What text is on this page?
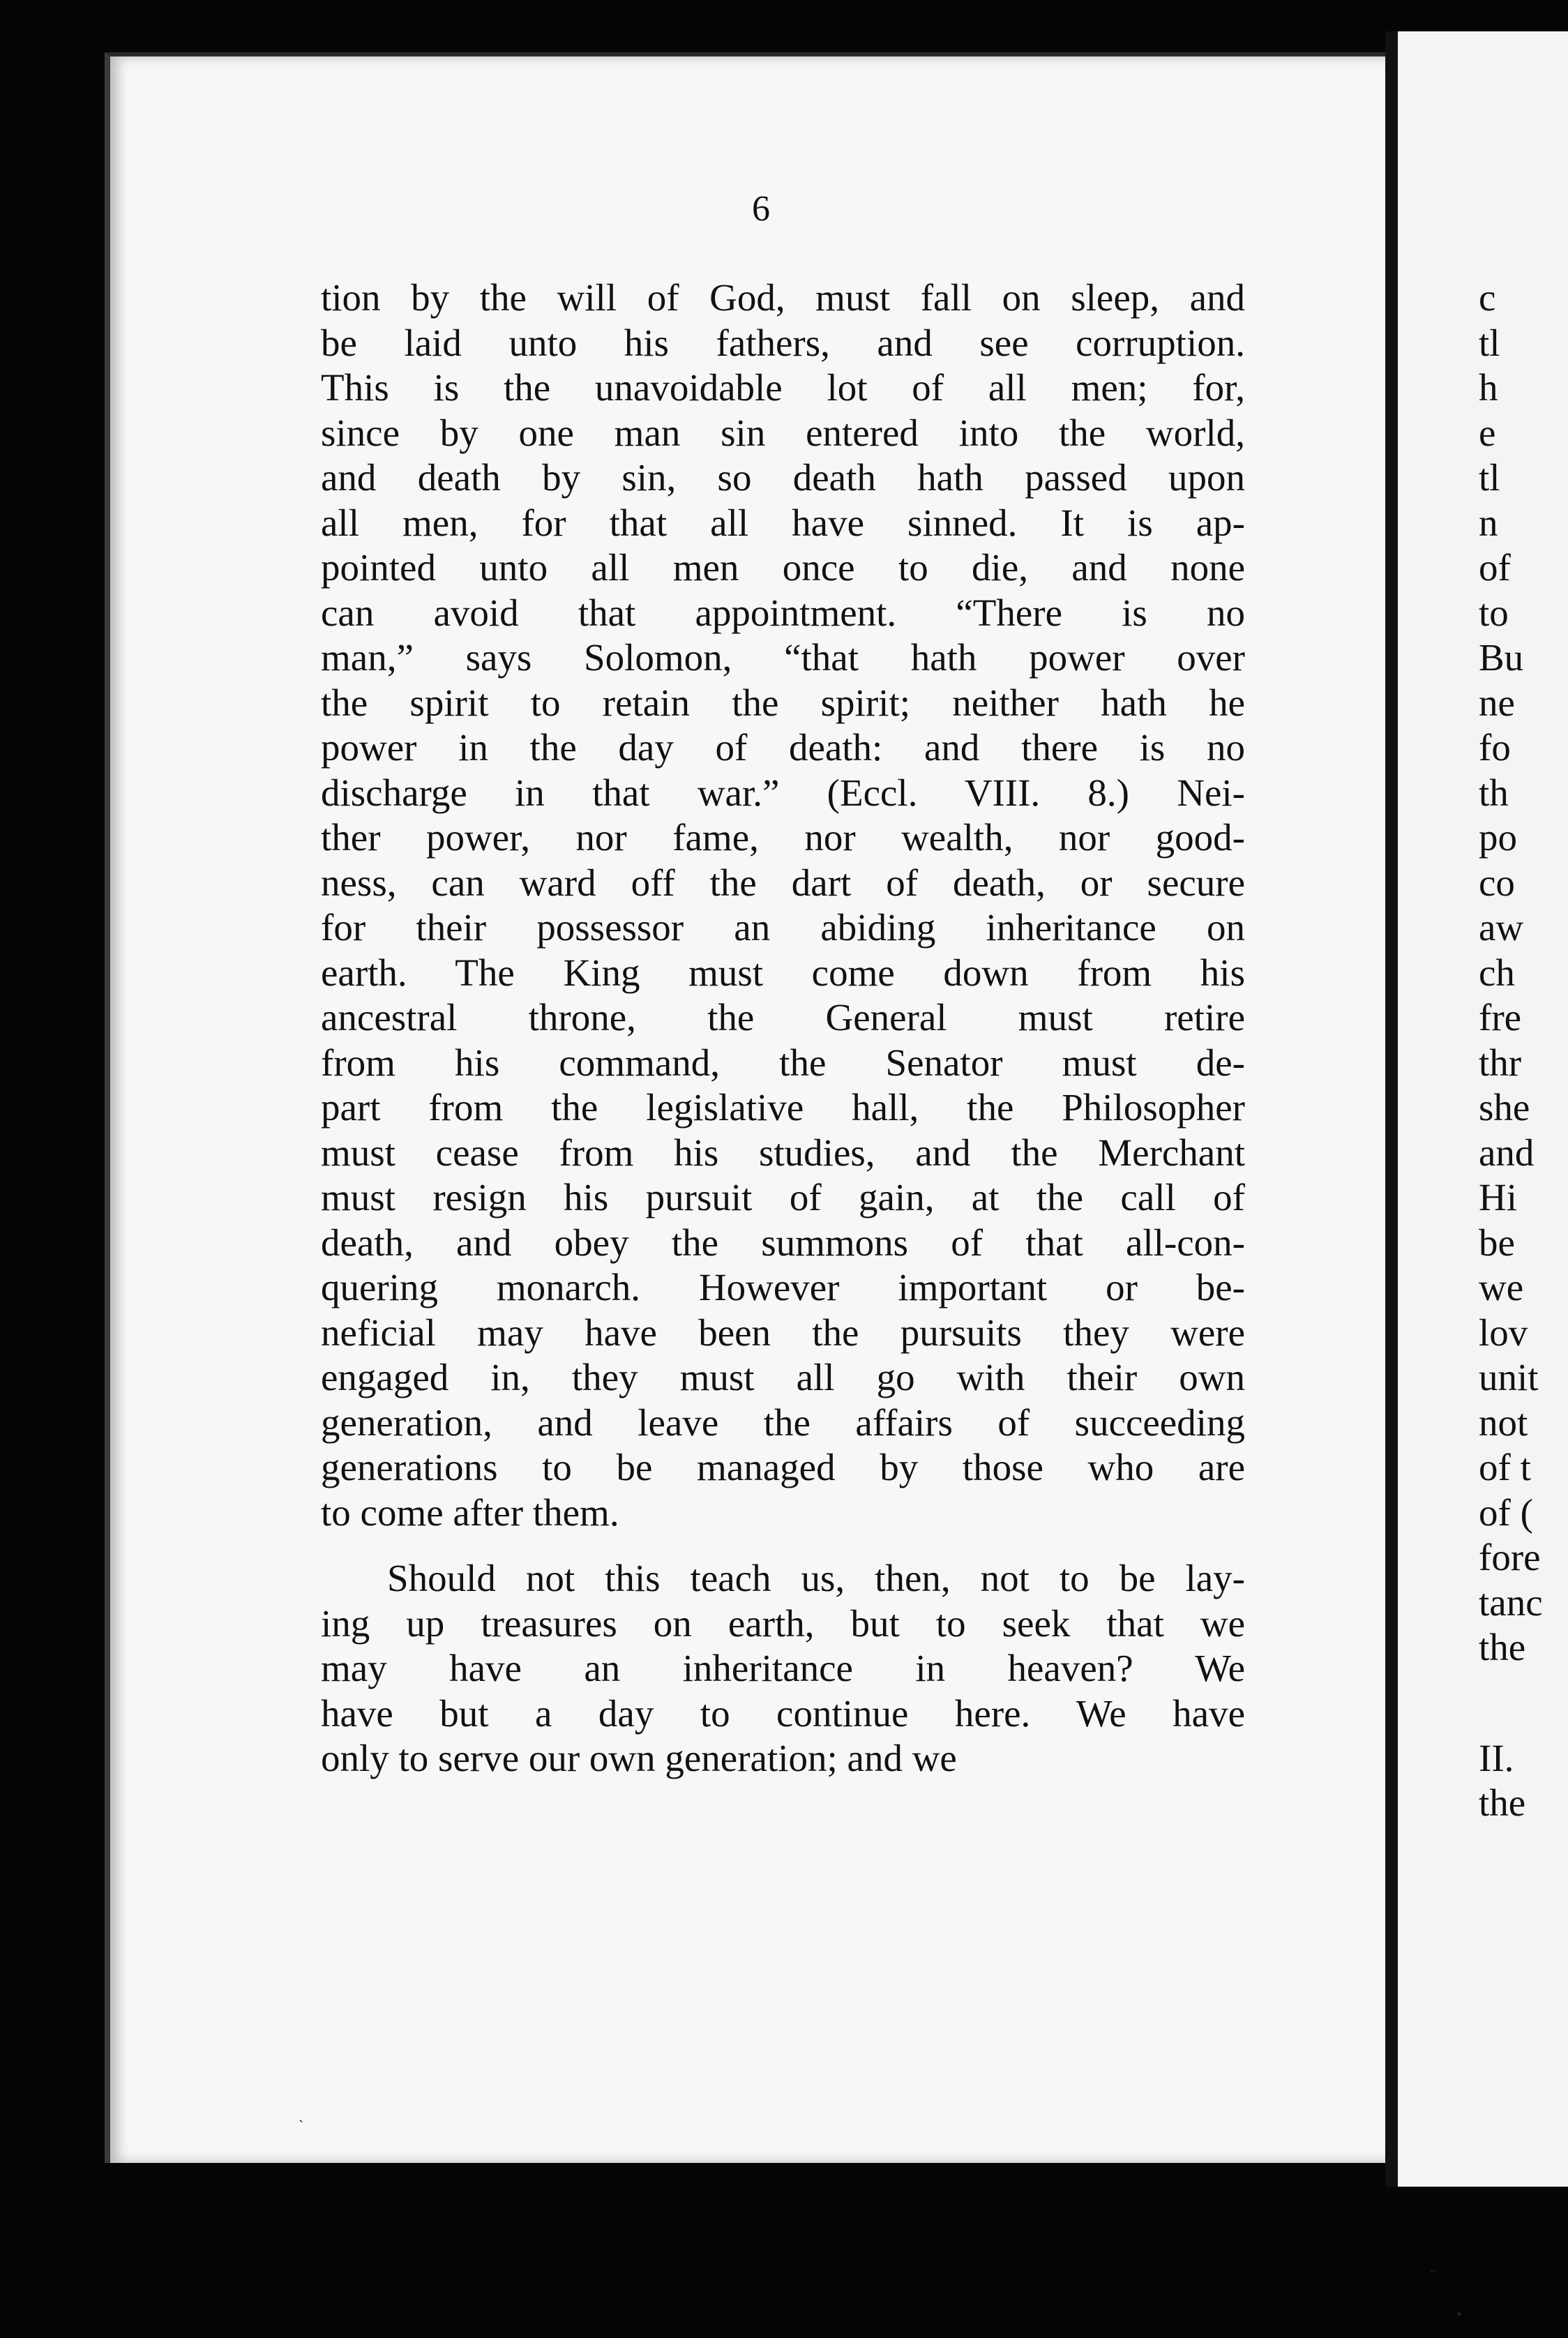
6
tion by the will of God, must fall on sleep, and
be laid unto his fathers, and see corruption.
This is the unavoidable lot of all men; for,
since by one man sin entered into the world,
and death by sin, so death hath passed upon
all men, for that all have sinned. It is ap-
pointed unto all men once to die, and none
can avoid that appointment. “There is no
man,” says Solomon, “that hath power over
the spirit to retain the spirit; neither hath he
power in the day of death: and there is no
discharge in that war.” (Eccl. VIII. 8.) Nei-
ther power, nor fame, nor wealth, nor good-
ness, can ward off the dart of death, or secure
for their possessor an abiding inheritance on
earth. The King must come down from his
ancestral throne, the General must retire
from his command, the Senator must de-
part from the legislative hall, the Philosopher
must cease from his studies, and the Merchant
must resign his pursuit of gain, at the call of
death, and obey the summons of that all-con-
quering monarch. However important or be-
neficial may have been the pursuits they were
engaged in, they must all go with their own
generation, and leave the affairs of succeeding
generations to be managed by those who are
to come after them.
Should not this teach us, then, not to be lay-
ing up treasures on earth, but to seek that we
may have an inheritance in heaven? We
have but a day to continue here. We have
only to serve our own generation; and we
c
tl
h
e
tl
n
of
to
Bu
ne
fo
th
po
co
aw
ch
fre
thr
she
and
Hi
be
we
lov
unit
not
of t
of (
fore
tanc
the
II.
the
`
ˇ
•
